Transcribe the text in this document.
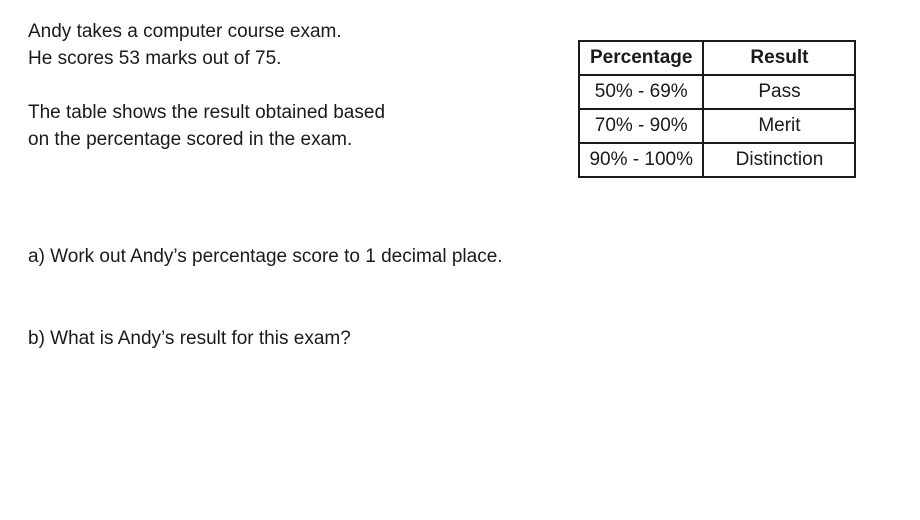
Andy takes a computer course exam.

He scores 53 marks out of 75.

The table shows the result obtained based

on the percentage scored in the exam.

Percentage	Result
50% - 69%	Pass
70% - 90%	Merit
90% - 100%	Distinction
a) Work out Andy’s percentage score to 1 decimal place.
b) What is Andy’s result for this exam?
